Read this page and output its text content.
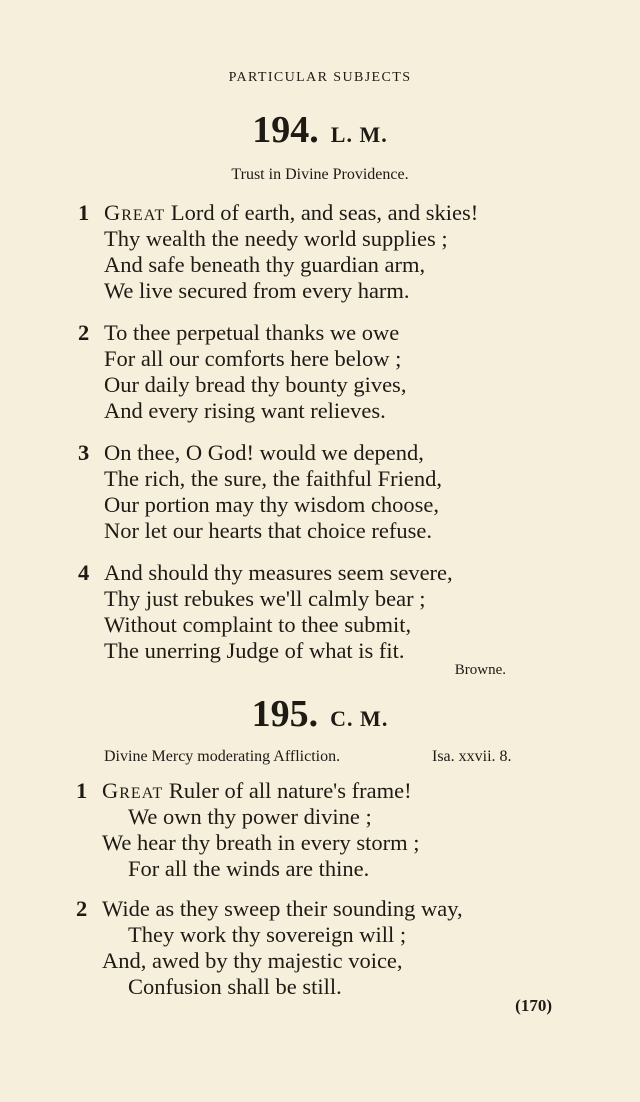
PARTICULAR SUBJECTS
194. L. M.
Trust in Divine Providence.
1 Great Lord of earth, and seas, and skies!
Thy wealth the needy world supplies ;
And safe beneath thy guardian arm,
We live secured from every harm.
2 To thee perpetual thanks we owe
For all our comforts here below ;
Our daily bread thy bounty gives,
And every rising want relieves.
3 On thee, O God! would we depend,
The rich, the sure, the faithful Friend,
Our portion may thy wisdom choose,
Nor let our hearts that choice refuse.
4 And should thy measures seem severe,
Thy just rebukes we'll calmly bear ;
Without complaint to thee submit,
The unerring Judge of what is fit.
Browne.
195. C. M.
Divine Mercy moderating Affliction.	Isa. xxvii. 8.
1 Great Ruler of all nature's frame!
We own thy power divine ;
We hear thy breath in every storm ;
For all the winds are thine.
2 Wide as they sweep their sounding way,
They work thy sovereign will ;
And, awed by thy majestic voice,
Confusion shall be still.
(170)
